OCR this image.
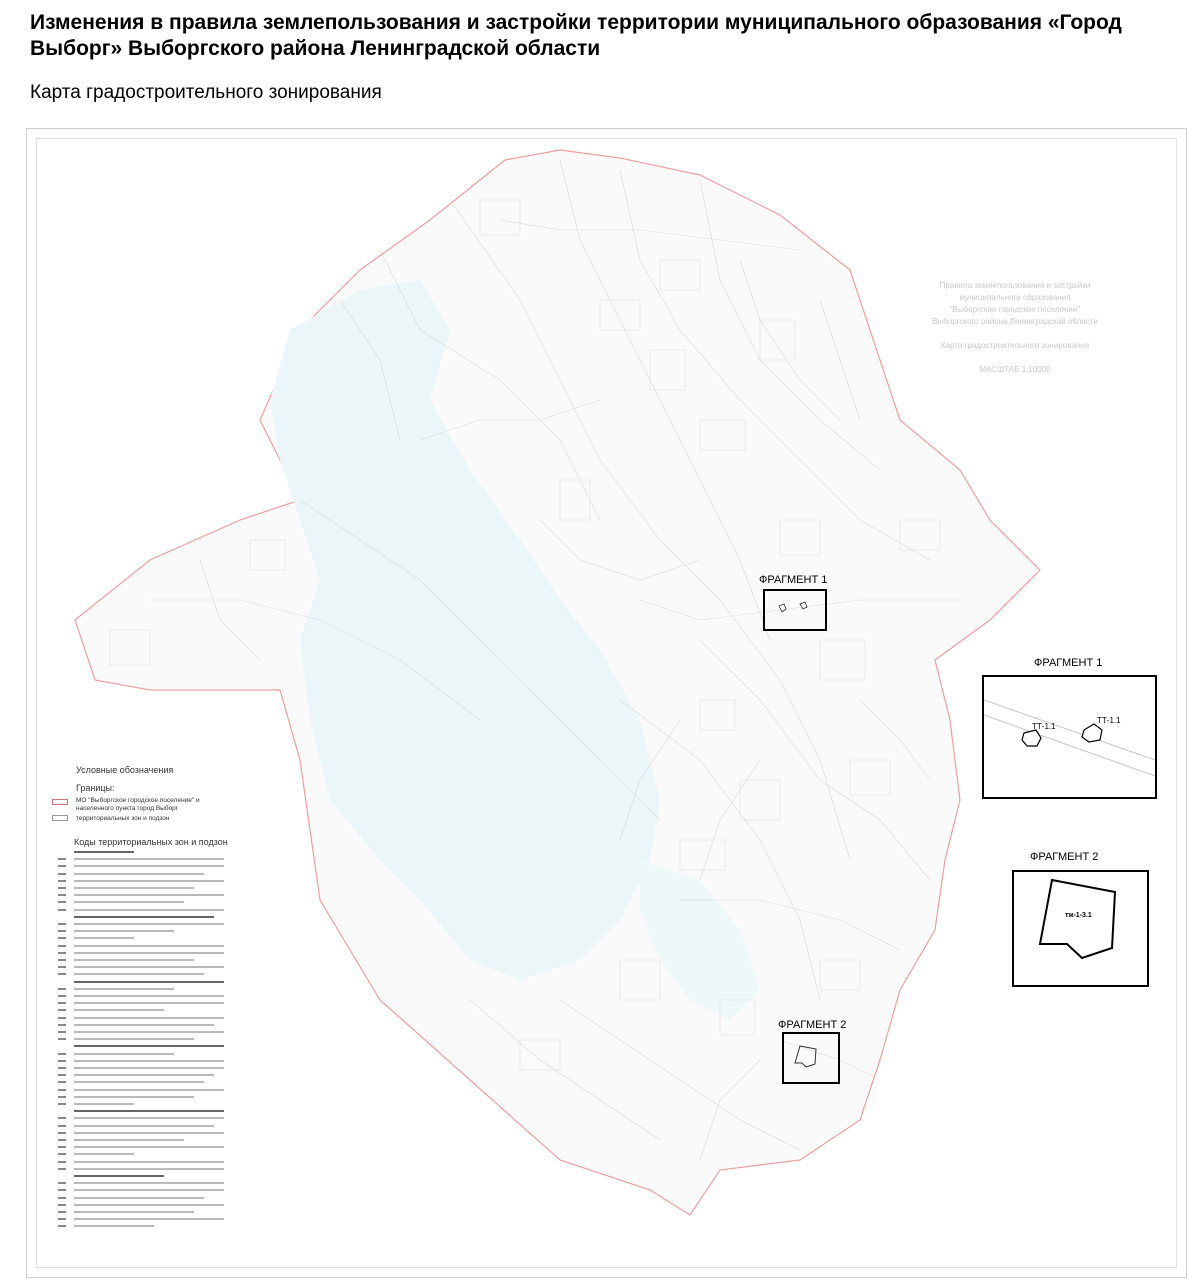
Изменения в правила землепользования и застройки территории муниципального образования «Город Выборг» Выборгского района Ленинградской области
Карта градостроительного зонирования
Правила землепользования и застройки
муниципального образования
"Выборгское городское поселение"
Выборгского района Ленинградской области
Карта градостроительного зонирования
МАСШТАБ 1:10000
ФРАГМЕНТ 1
ФРАГМЕНТ 2
ФРАГМЕНТ 1
ТТ-1.1
ТТ-1.1
ФРАГМЕНТ 2
тж-1-3.1
Условные обозначения
Границы:
МО "Выборгское городское поселение" и населенного пункта город Выборг
территориальных зон и подзон
Коды территориальных зон и подзон
